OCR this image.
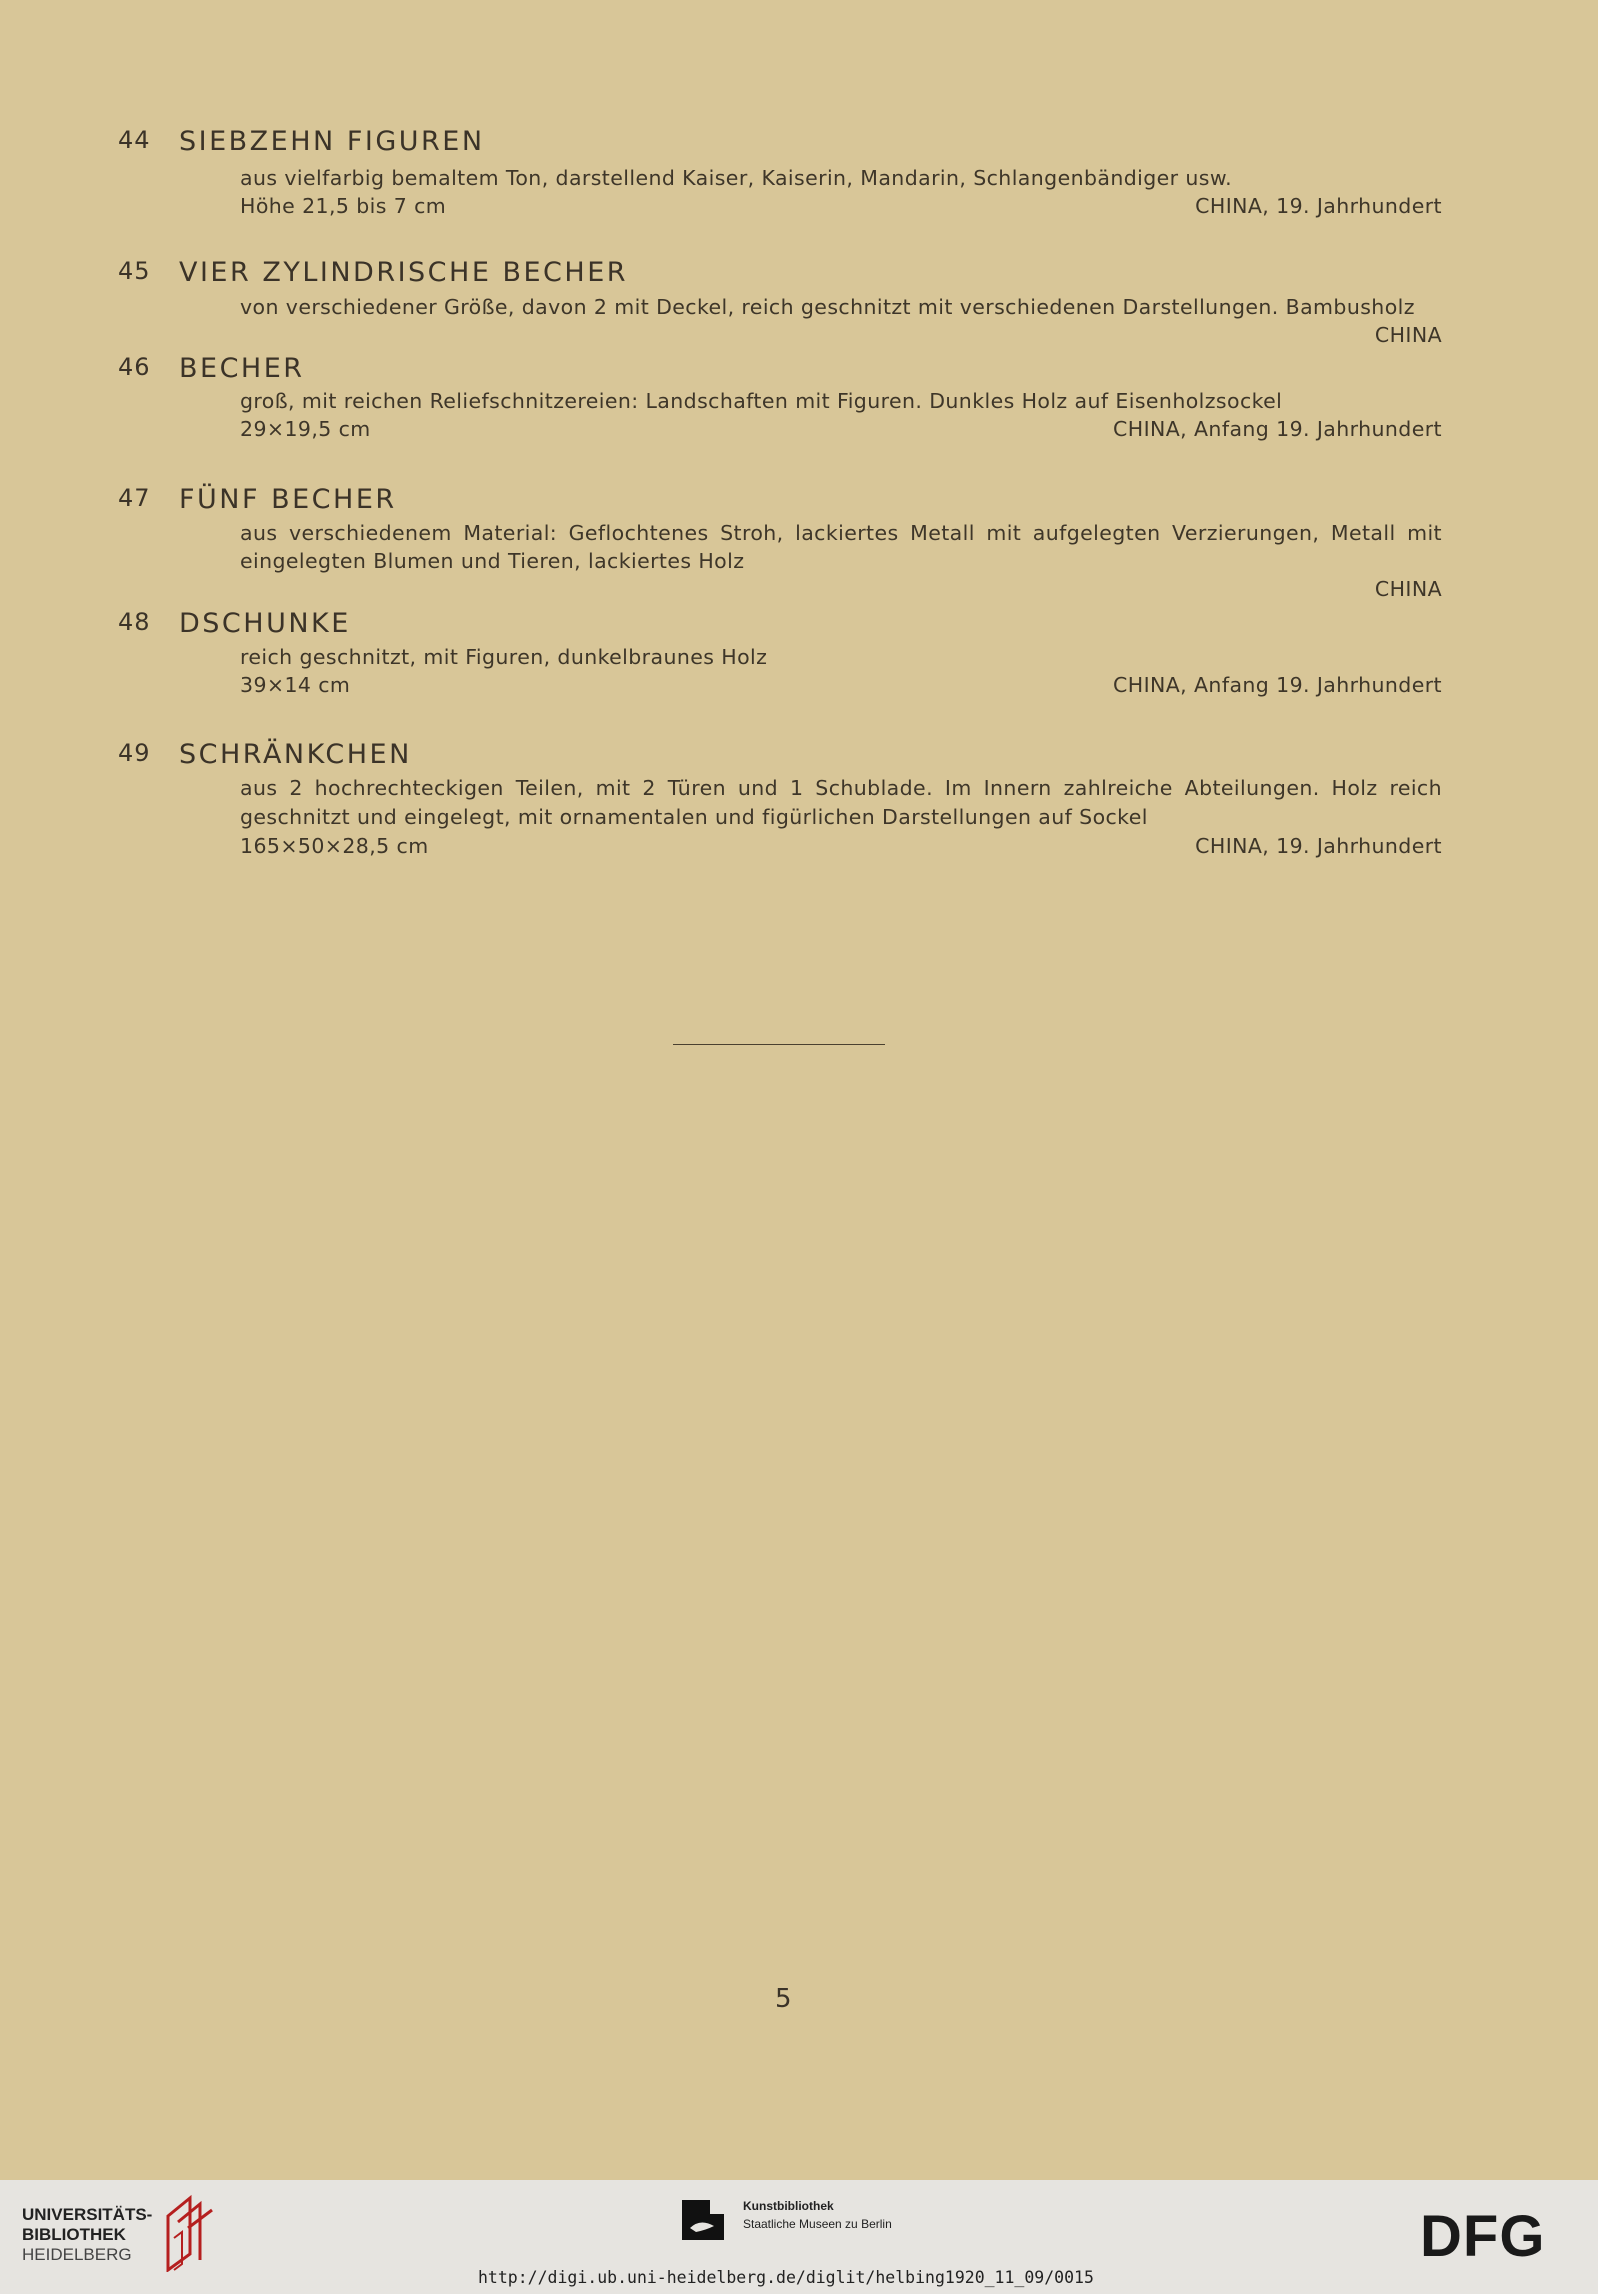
44 SIEBZEHN FIGUREN
aus vielfarbig bemaltem Ton, darstellend Kaiser, Kaiserin, Mandarin, Schlangenbändiger usw.
Höhe 21,5 bis 7 cm	CHINA, 19. Jahrhundert
45 VIER ZYLINDRISCHE BECHER
von verschiedener Größe, davon 2 mit Deckel, reich geschnitzt mit verschiedenen Darstellungen. Bambusholz
CHINA
46 BECHER
groß, mit reichen Reliefschnitzereien: Landschaften mit Figuren. Dunkles Holz auf Eisenholzsockel
29×19,5 cm	CHINA, Anfang 19. Jahrhundert
47 FÜNF BECHER
aus verschiedenem Material: Geflochtenes Stroh, lackiertes Metall mit aufgelegten Verzierungen, Metall mit
eingelegten Blumen und Tieren, lackiertes Holz
CHINA
48 DSCHUNKE
reich geschnitzt, mit Figuren, dunkelbraunes Holz
39×14 cm	CHINA, Anfang 19. Jahrhundert
49 SCHRÄNKCHEN
aus 2 hochrechteckigen Teilen, mit 2 Türen und 1 Schublade. Im Innern zahlreiche Abteilungen. Holz reich
geschnitzt und eingelegt, mit ornamentalen und figürlichen Darstellungen auf Sockel
165×50×28,5 cm	CHINA, 19. Jahrhundert
5
UNIVERSITÄTS-
BIBLIOTHEK
HEIDELBERG
Kunstbibliothek
Staatliche Museen zu Berlin	DFG
http://digi.ub.uni-heidelberg.de/diglit/helbing1920_11_09/0015
